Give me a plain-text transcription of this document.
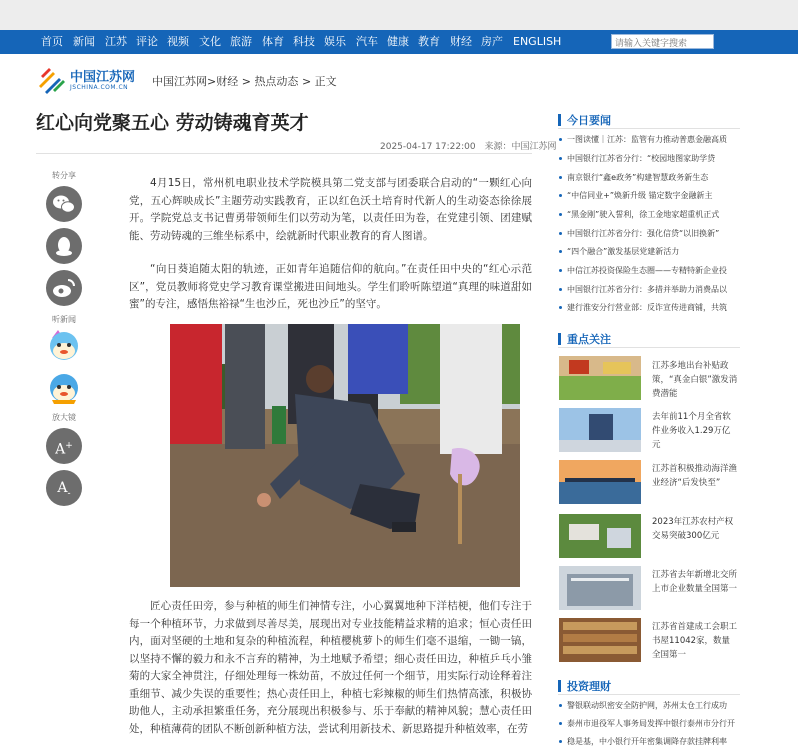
首页 新闻 江苏 评论 视频 文化 旅游 体育 科技 娱乐 汽车 健康 教育 财经 房产 ENGLISH
请输入关键字搜索
中国江苏网
JSCHINA.COM.CN 中国江苏网>财经 > 热点动态 > 正文
红心向党聚五心 劳动铸魂育英才
2025-04-17 17:22:00 来源：中国江苏网
转分享
听新闻
放大镜
A+
$A_-$

4月15日，常州机电职业技术学院模具第二党支部与团委联合启动的“一颗红心向党，五心辉映成长”主题劳动实践教育，正以红色沃土培育时代新人的生动姿态徐徐展开。学院党总支书记曹勇带领师生们以劳动为笔，以责任田为卷，在党建引领、团建赋能、劳动铸魂的三维坐标系中，绘就新时代职业教育的育人图谱。

“向日葵追随太阳的轨迹，正如青年追随信仰的航向。”在责任田中央的“红心示范区”，党员教师将党史学习教育课堂搬进田间地头。学生们聆听陈望道“真理的味道甜如蜜”的专注，感悟焦裕禄“生也沙丘，死也沙丘”的坚守。

匠心责任田旁，参与种植的师生们神情专注，小心翼翼地种下洋桔梗，他们专注于每一个种植环节，力求做到尽善尽美，展现出对专业技能精益求精的追求；恒心责任田内，面对坚硬的土地和复杂的种植流程，种植樱桃萝卜的师生们毫不退缩，一锄一镐，以坚持不懈的毅力和永不言弃的精神，为土地赋予希望；细心责任田边，种植乒乓小雏菊的大家全神贯注，仔细处理每一株幼苗，不放过任何一个细节，用实际行动诠释着注重细节、减少失误的重要性；热心责任田上，种植七彩辣椒的师生们热情高涨，积极协助他人，主动承担繁重任务，充分展现出积极参与、乐于奉献的精神风貌；慧心责任田处，种植薄荷的团队不断创新种植方法，尝试利用新技术、新思路提升种植效率，在劳

今日要闻
一图读懂｜江苏：监管有力推动普惠金融高质
中国银行江苏省分行：“校园地图家助学贷
南京银行“鑫e政务”构建智慧政务新生态
“中信同业+”焕新升级 锚定数字金融新主
“黑金刚”驶入誓利，徐工金地家超重机正式
中国银行江苏省分行：强化信贷“以旧换新”
“四个融合”激发基层党建新活力
中信江苏投资保险生态圈——专精特新企业投
中国银行江苏省分行：多措并举助力消费品以
建行淮安分行营业部：反诈宣传进商铺，共筑
重点关注
江苏多地出台补贴政策，“真金白银”激发消费潜能
去年前11个月全省软件业务收入1.29万亿元
江苏首积极推动海洋渔业经济“后发快至”
2023年江苏农村产权交易突破300亿元
江苏省去年新增北交所上市企业数量全国第一
江苏省首建成工会职工书屋11042家，数量全国第一
投资理财
警银联动织密安全防护网，苏州太仓工行成功
泰州市退役军人事务局发挥中银行泰州市分行开
稳是基，中小银行开年密集调降存款挂牌利率
